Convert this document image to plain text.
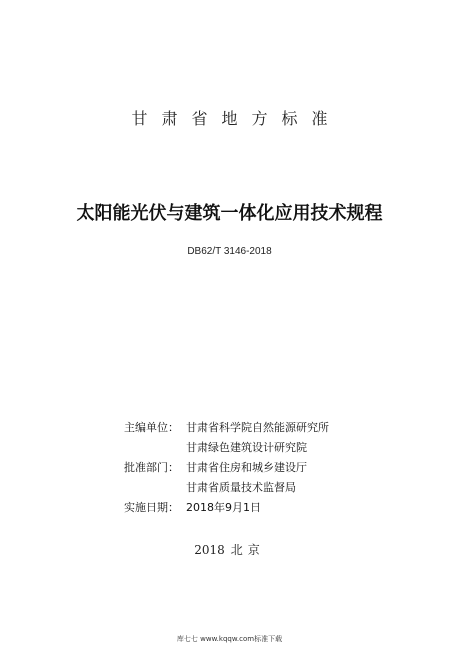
甘肃省地方标准
太阳能光伏与建筑一体化应用技术规程
DB62/T 3146-2018
主编单位： 甘肃省科学院自然能源研究所
甘肃绿色建筑设计研究院
批准部门： 甘肃省住房和城乡建设厅
甘肃省质量技术监督局
实施日期： 2018年9月1日
2018 北京
库七七 www.kqqw.com标准下载
